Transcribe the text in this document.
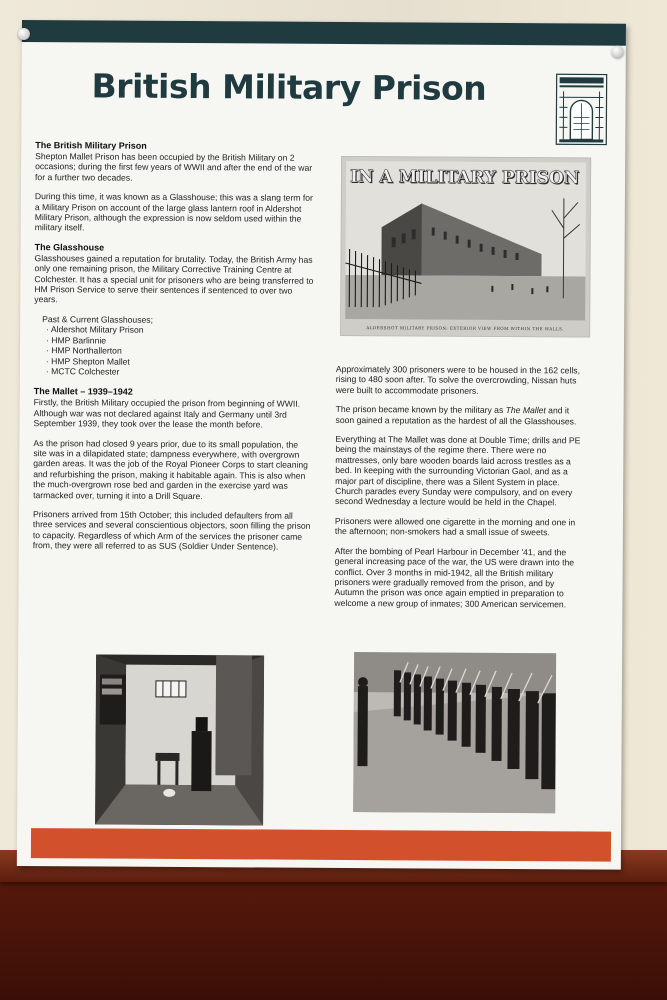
British Military Prison
The British Military Prison

Shepton Mallet Prison has been occupied by the British Military on 2 occasions; during the first few years of WWII and after the end of the war for a further two decades.

During this time, it was known as a Glasshouse; this was a slang term for a Military Prison on account of the large glass lantern roof in Aldershot Military Prison, although the expression is now seldom used within the military itself.

The Glasshouse

Glasshouses gained a reputation for brutality. Today, the British Army has only one remaining prison, the Military Corrective Training Centre at Colchester. It has a special unit for prisoners who are being transferred to HM Prison Service to serve their sentences if sentenced to over two years.

Past & Current Glasshouses;
· Aldershot Military Prison
· HMP Barlinnie
· HMP Northallerton
· HMP Shepton Mallet
· MCTC Colchester
The Mallet – 1939–1942

Firstly, the British Military occupied the prison from beginning of WWII. Although war was not declared against Italy and Germany until 3rd September 1939, they took over the lease the month before.

As the prison had closed 9 years prior, due to its small population, the site was in a dilapidated state; dampness everywhere, with overgrown garden areas. It was the job of the Royal Pioneer Corps to start cleaning and refurbishing the prison, making it habitable again. This is also when the much-overgrown rose bed and garden in the exercise yard was tarmacked over, turning it into a Drill Square.

Prisoners arrived from 15th October; this included defaulters from all three services and several conscientious objectors, soon filling the prison to capacity. Regardless of which Arm of the services the prisoner came from, they were all referred to as SUS (Soldier Under Sentence).

IN A MILITARY PRISON
ALDERSHOT MILITARY PRISON: EXTERIOR VIEW FROM WITHIN THE WALLS.

Approximately 300 prisoners were to be housed in the 162 cells, rising to 480 soon after. To solve the overcrowding, Nissan huts were built to accommodate prisoners.

The prison became known by the military as The Mallet and it soon gained a reputation as the hardest of all the Glasshouses.

Everything at The Mallet was done at Double Time; drills and PE being the mainstays of the regime there. There were no mattresses, only bare wooden boards laid across trestles as a bed. In keeping with the surrounding Victorian Gaol, and as a major part of discipline, there was a Silent System in place. Church parades every Sunday were compulsory, and on every second Wednesday a lecture would be held in the Chapel.

Prisoners were allowed one cigarette in the morning and one in the afternoon; non-smokers had a small issue of sweets.

After the bombing of Pearl Harbour in December '41, and the general increasing pace of the war, the US were drawn into the conflict. Over 3 months in mid-1942, all the British military prisoners were gradually removed from the prison, and by Autumn the prison was once again emptied in preparation to welcome a new group of inmates; 300 American servicemen.
